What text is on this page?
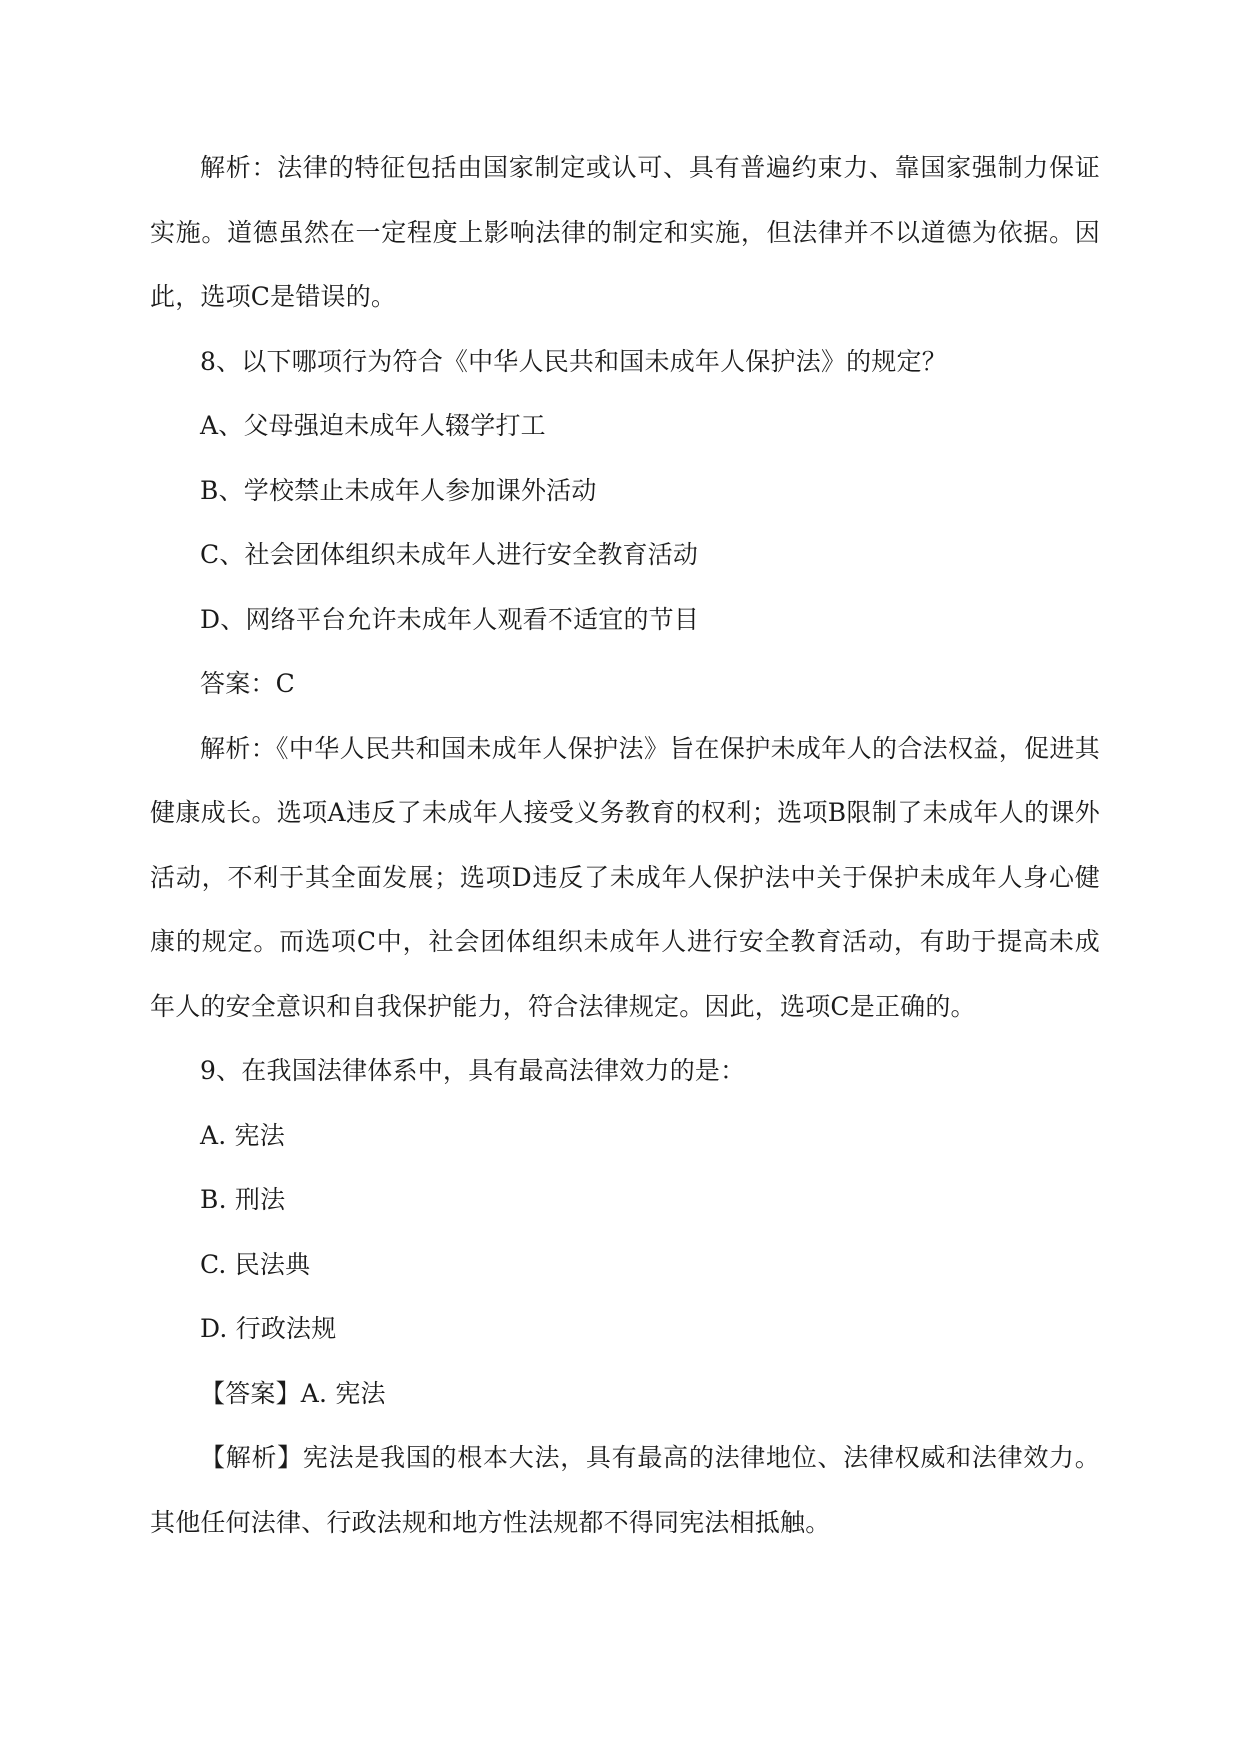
解析：法律的特征包括由国家制定或认可、具有普遍约束力、靠国家强制力保证实施。道德虽然在一定程度上影响法律的制定和实施，但法律并不以道德为依据。因此，选项C是错误的。

8、以下哪项行为符合《中华人民共和国未成年人保护法》的规定？

A、父母强迫未成年人辍学打工

B、学校禁止未成年人参加课外活动

C、社会团体组织未成年人进行安全教育活动

D、网络平台允许未成年人观看不适宜的节目

答案：C

解析：《中华人民共和国未成年人保护法》旨在保护未成年人的合法权益，促进其健康成长。选项A违反了未成年人接受义务教育的权利；选项B限制了未成年人的课外活动，不利于其全面发展；选项D违反了未成年人保护法中关于保护未成年人身心健康的规定。而选项C中，社会团体组织未成年人进行安全教育活动，有助于提高未成年人的安全意识和自我保护能力，符合法律规定。因此，选项C是正确的。

9、在我国法律体系中，具有最高法律效力的是：

A. 宪法

B. 刑法

C. 民法典

D. 行政法规

【答案】A. 宪法

【解析】宪法是我国的根本大法，具有最高的法律地位、法律权威和法律效力。其他任何法律、行政法规和地方性法规都不得同宪法相抵触。
